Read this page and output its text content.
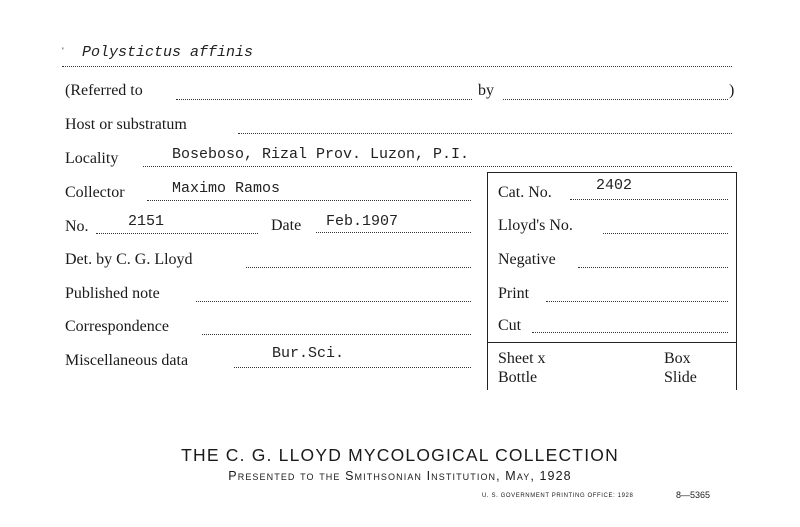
' Polystictus affinis
(Referred to	by	)
Host or substratum
Locality	Boseboso, Rizal Prov. Luzon, P.I.
Collector	Maximo Ramos	Cat. No.	2402
No.	2151	Date Feb.1907	Lloyd's No.
Det. by C. G. Lloyd	Negative
Published note	Print
Correspondence	Cut
Miscellaneous data	Bur.Sci.	Sheet x	Box
Bottle	Slide
THE C. G. LLOYD MYCOLOGICAL COLLECTION
Presented to the Smithsonian Institution, May, 1928
U. S. GOVERNMENT PRINTING OFFICE: 1928	8—5365
